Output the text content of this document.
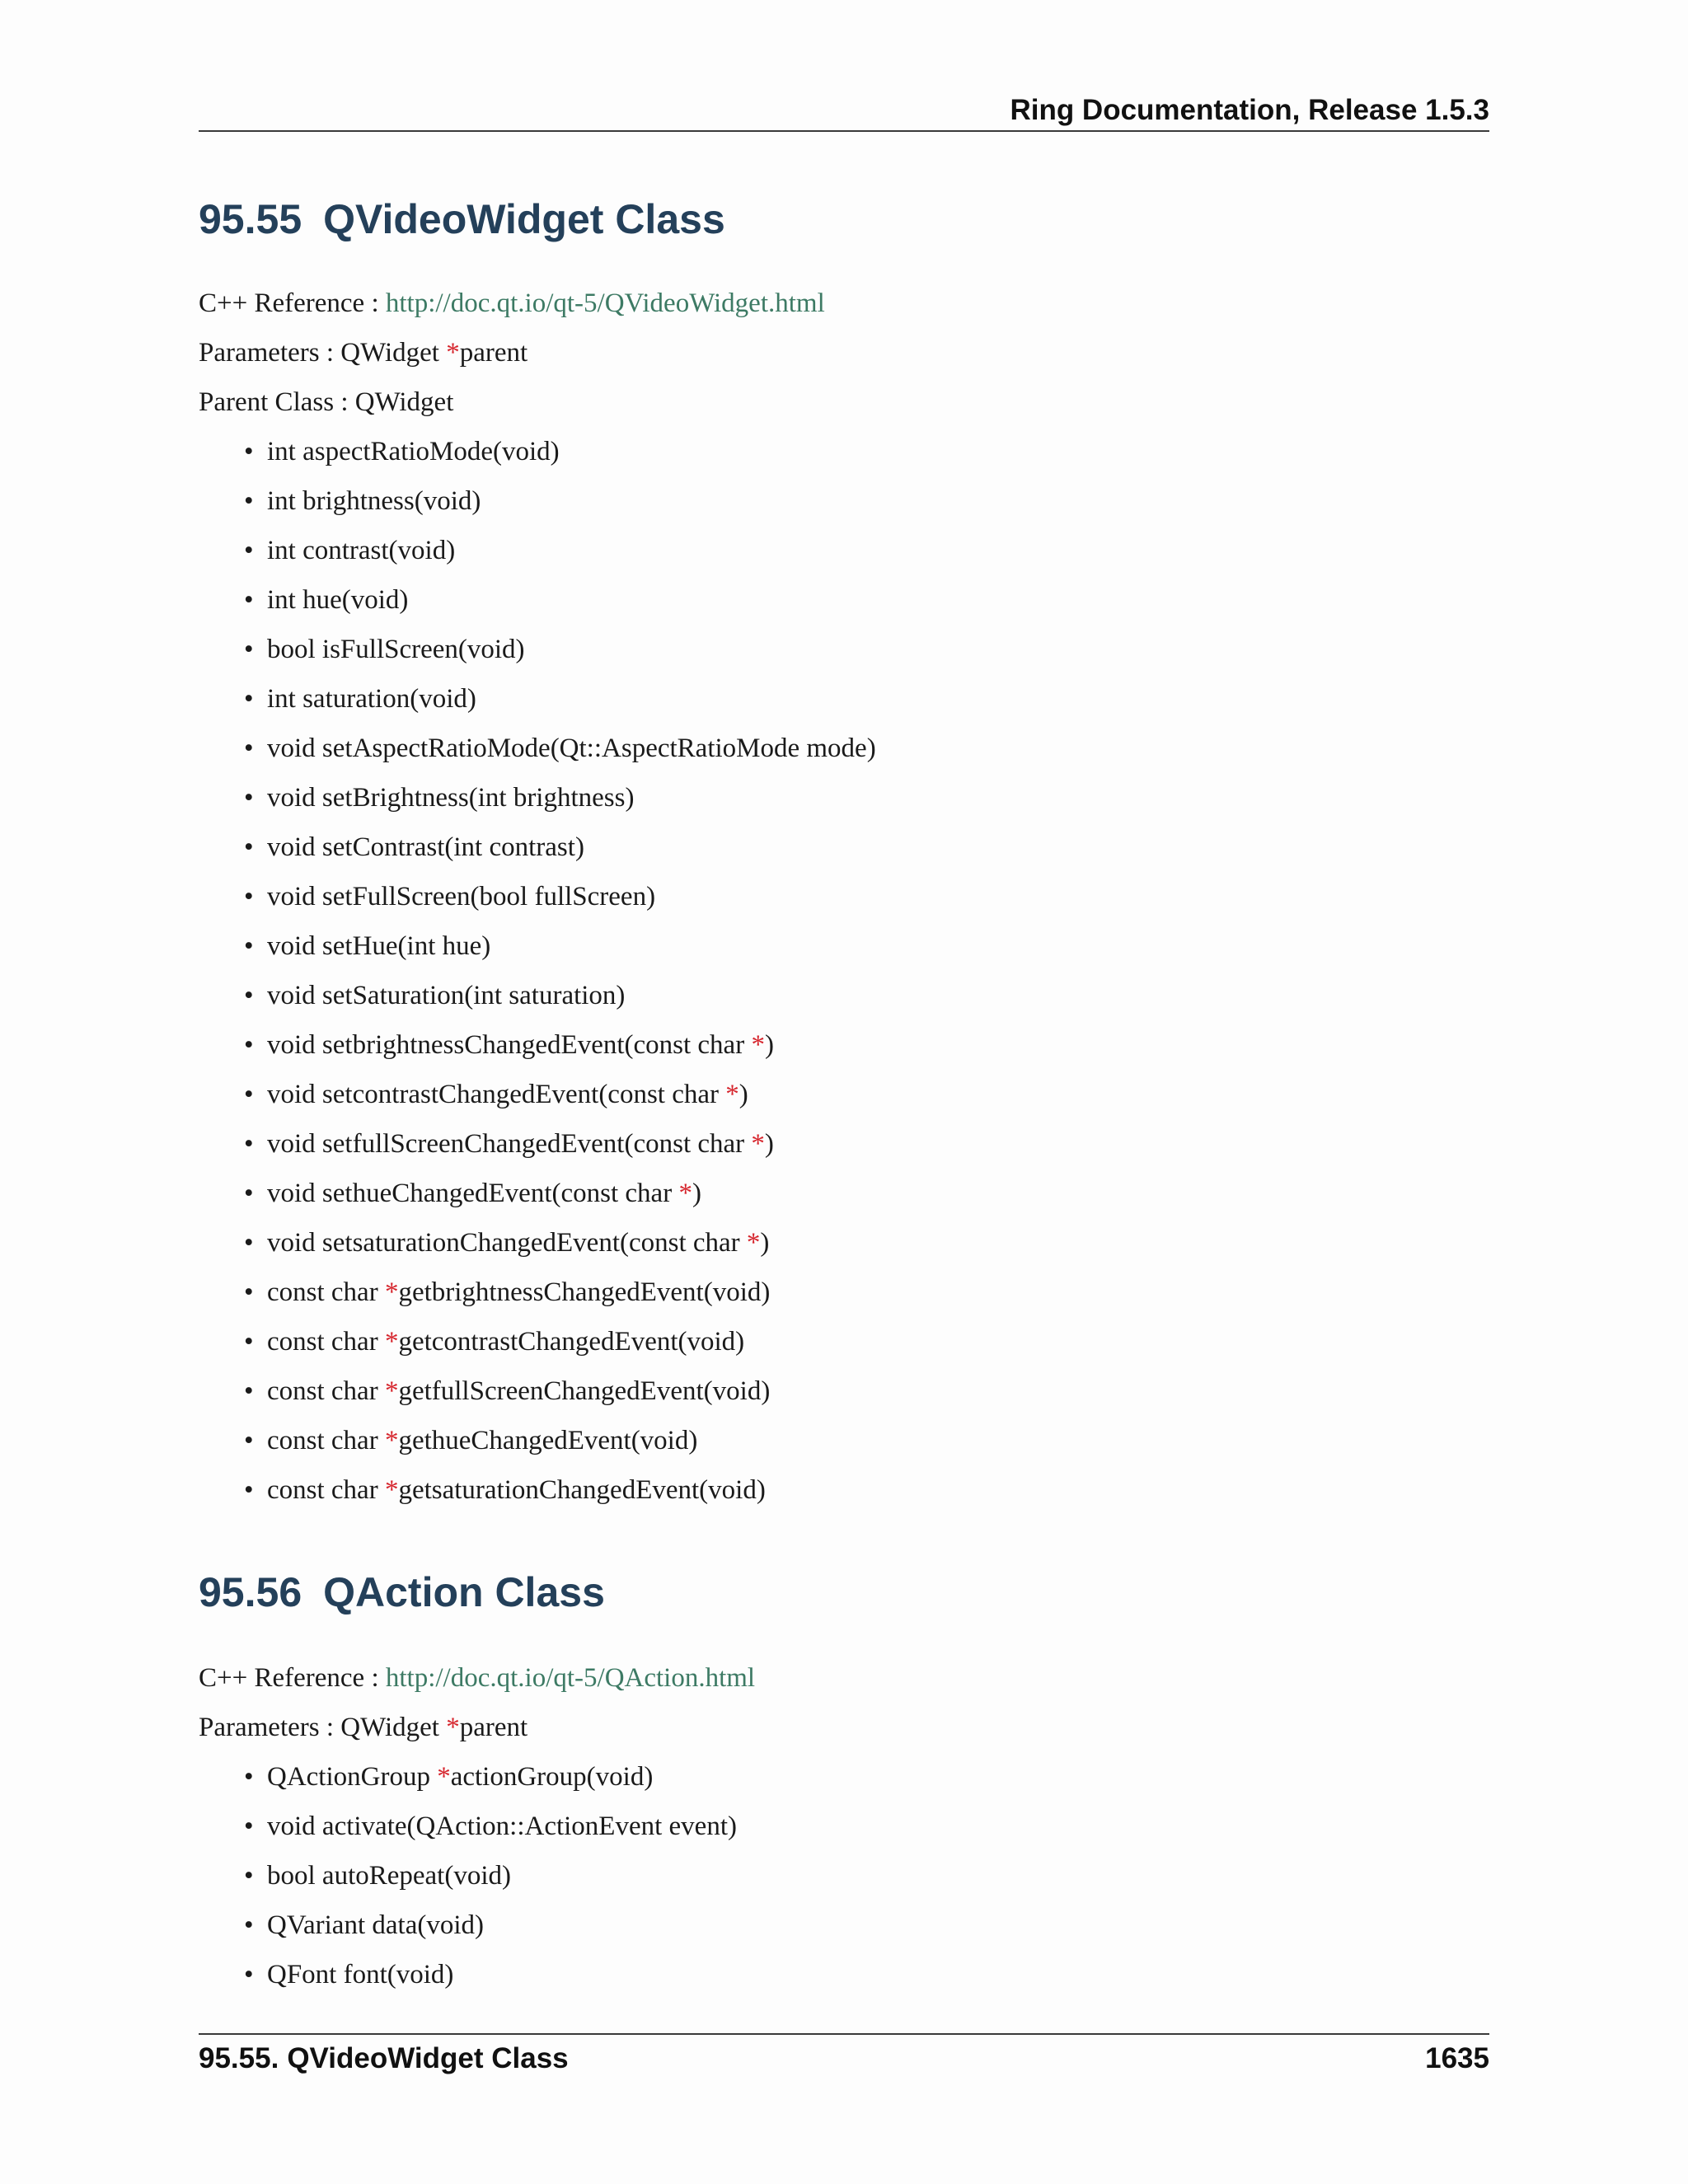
Ring Documentation, Release 1.5.3
95.55 QVideoWidget Class
C++ Reference : http://doc.qt.io/qt-5/QVideoWidget.html
Parameters : QWidget *parent
Parent Class : QWidget
• int aspectRatioMode(void)
• int brightness(void)
• int contrast(void)
• int hue(void)
• bool isFullScreen(void)
• int saturation(void)
• void setAspectRatioMode(Qt::AspectRatioMode mode)
• void setBrightness(int brightness)
• void setContrast(int contrast)
• void setFullScreen(bool fullScreen)
• void setHue(int hue)
• void setSaturation(int saturation)
• void setbrightnessChangedEvent(const char *)
• void setcontrastChangedEvent(const char *)
• void setfullScreenChangedEvent(const char *)
• void sethueChangedEvent(const char *)
• void setsaturationChangedEvent(const char *)
• const char *getbrightnessChangedEvent(void)
• const char *getcontrastChangedEvent(void)
• const char *getfullScreenChangedEvent(void)
• const char *gethueChangedEvent(void)
• const char *getsaturationChangedEvent(void)
95.56 QAction Class
C++ Reference : http://doc.qt.io/qt-5/QAction.html
Parameters : QWidget *parent
• QActionGroup *actionGroup(void)
• void activate(QAction::ActionEvent event)
• bool autoRepeat(void)
• QVariant data(void)
• QFont font(void)
95.55. QVideoWidget Class	1635
